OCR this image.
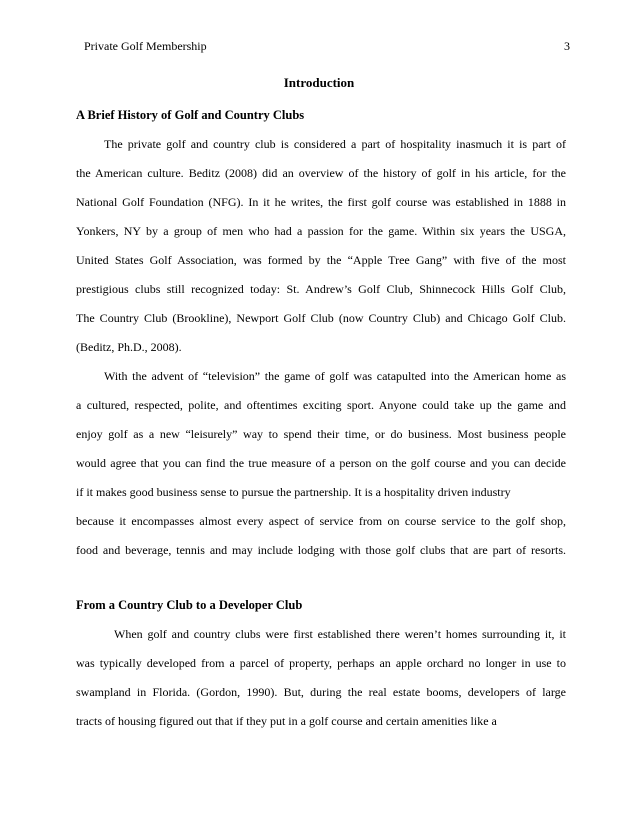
Private Golf Membership	3
Introduction
A Brief History of Golf and Country Clubs
The private golf and country club is considered a part of hospitality inasmuch it is part of
the American culture. Beditz (2008) did an overview of the history of golf in his article, for the
National Golf Foundation (NFG). In it he writes, the first golf course was established in 1888 in
Yonkers, NY by a group of men who had a passion for the game. Within six years the USGA,
United States Golf Association, was formed by the “Apple Tree Gang” with five of the most
prestigious clubs still recognized today: St. Andrew’s Golf Club, Shinnecock Hills Golf Club,
The Country Club (Brookline), Newport Golf Club (now Country Club) and Chicago Golf Club.
(Beditz, Ph.D., 2008).
With the advent of “television” the game of golf was catapulted into the American home as
a cultured, respected, polite, and oftentimes exciting sport. Anyone could take up the game and
enjoy golf as a new “leisurely” way to spend their time, or do business. Most business people
would agree that you can find the true measure of a person on the golf course and you can decide
if it makes good business sense to pursue the partnership. It is a hospitality driven industry
because it encompasses almost every aspect of service from on course service to the golf shop,
food and beverage, tennis and may include lodging with those golf clubs that are part of resorts.
From a Country Club to a Developer Club
When golf and country clubs were first established there weren’t homes surrounding it, it
was typically developed from a parcel of property, perhaps an apple orchard no longer in use to
swampland in Florida. (Gordon, 1990). But, during the real estate booms, developers of large
tracts of housing figured out that if they put in a golf course and certain amenities like a
